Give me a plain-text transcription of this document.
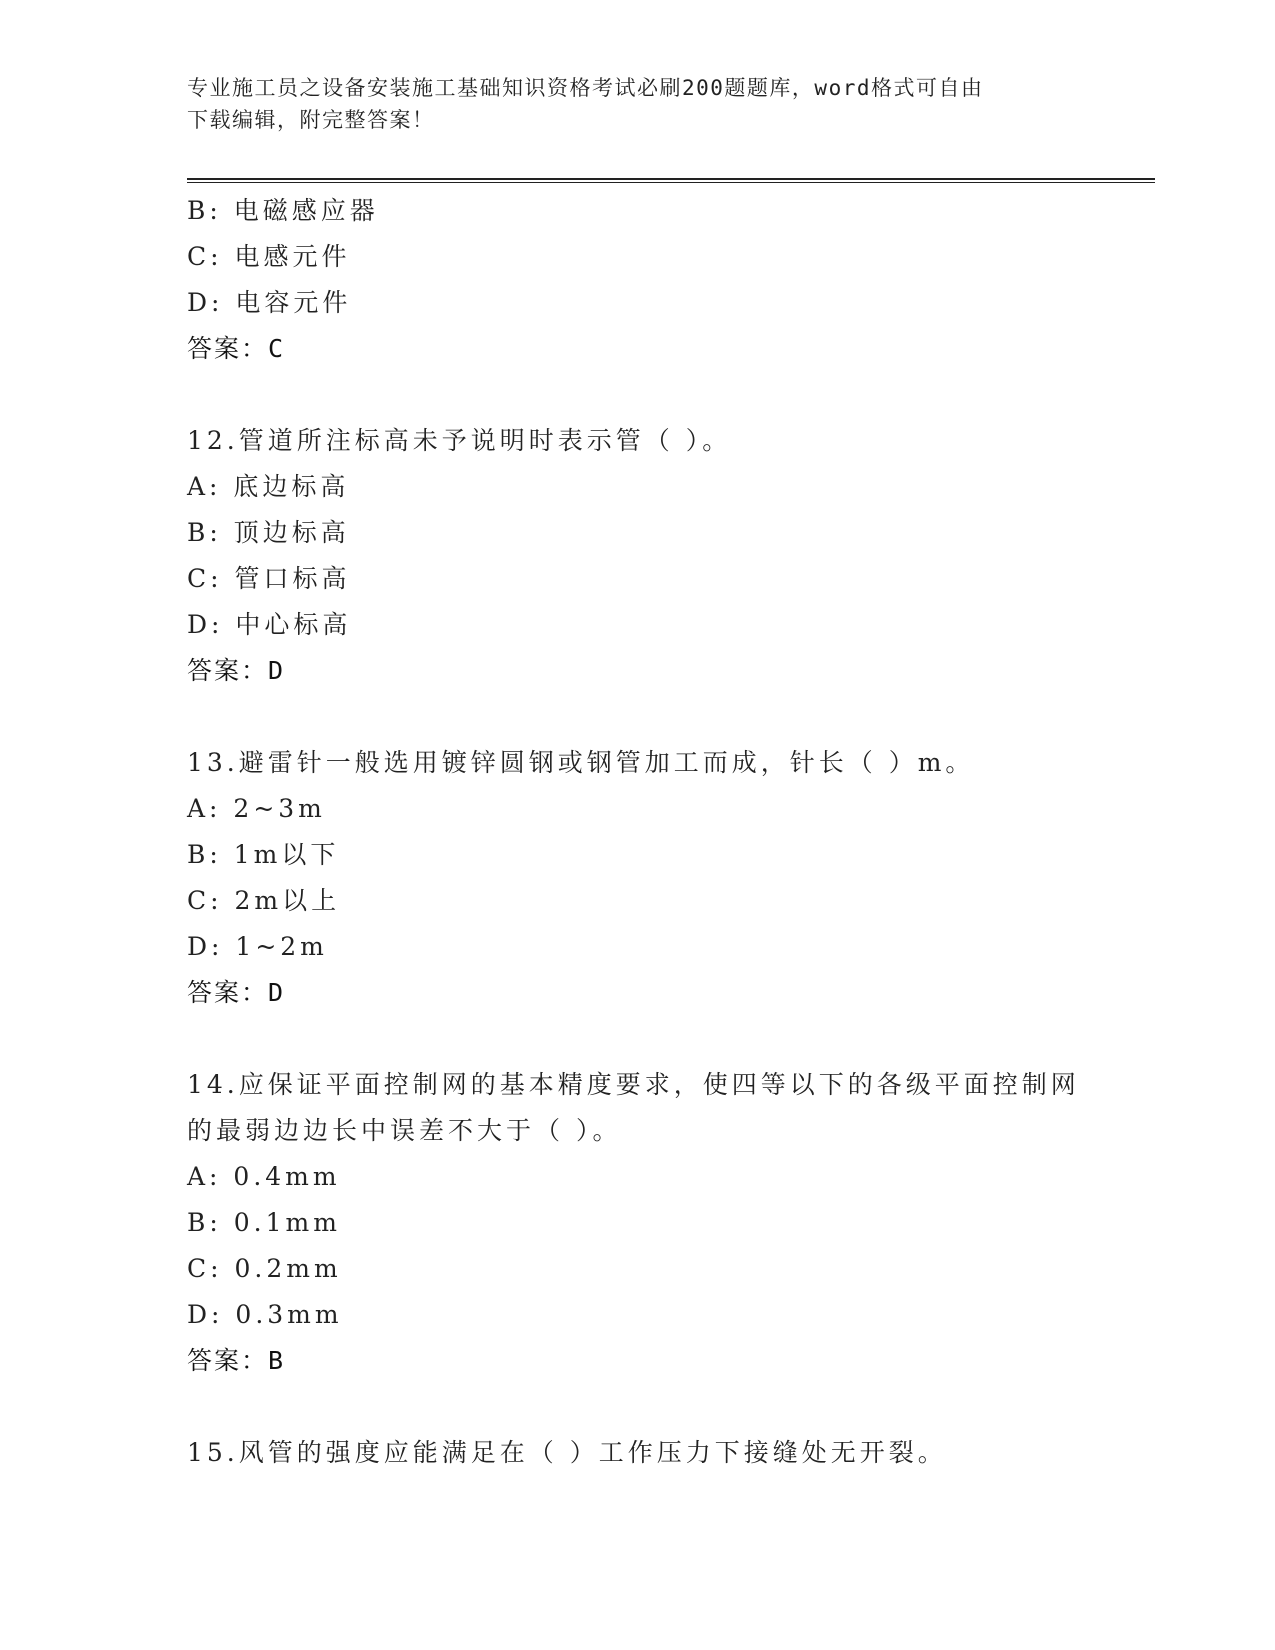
专业施工员之设备安装施工基础知识资格考试必刷200题题库，word格式可自由
下载编辑，附完整答案！
B: 电磁感应器
C: 电感元件
D: 电容元件
答案：C
12.管道所注标高未予说明时表示管（ ）。
A: 底边标高
B: 顶边标高
C: 管口标高
D: 中心标高
答案：D
13.避雷针一般选用镀锌圆钢或钢管加工而成，针长（ ）m。
A: 2~3m
B: 1m以下
C: 2m以上
D: 1~2m
答案：D
14.应保证平面控制网的基本精度要求，使四等以下的各级平面控制网
的最弱边边长中误差不大于（ ）。
A: 0.4mm
B: 0.1mm
C: 0.2mm
D: 0.3mm
答案：B
15.风管的强度应能满足在（ ）工作压力下接缝处无开裂。
